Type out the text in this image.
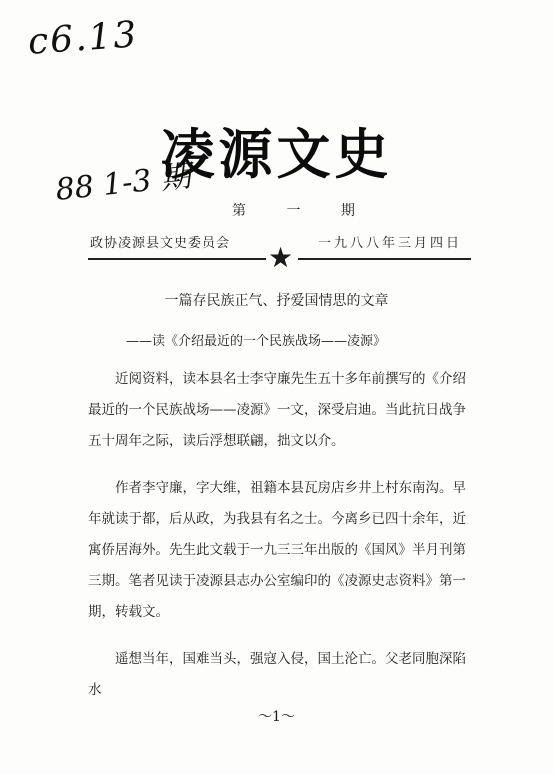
c6.13
88 1-3 期
凌源文史
第 一 期
政协凌源县文史委员会	一九八八年三月四日
★
一篇存民族正气、抒爱国情思的文章
——读《介绍最近的一个民族战场——凌源》

近阅资料，读本县名士李守廉先生五十多年前撰写的《介绍最近的一个民族战场——凌源》一文，深受启迪。当此抗日战争五十周年之际，读后浮想联翩，拙文以介。

作者李守廉，字大维，祖籍本县瓦房店乡井上村东南沟。早年就读于都，后从政，为我县有名之士。今离乡已四十余年，近寓侨居海外。先生此文载于一九三三年出版的《国风》半月刊第三期。笔者见读于凌源县志办公室编印的《凌源史志资料》第一期，转载文。

遥想当年，国难当头，强寇入侵，国土沦亡。父老同胞深陷水

～1～
